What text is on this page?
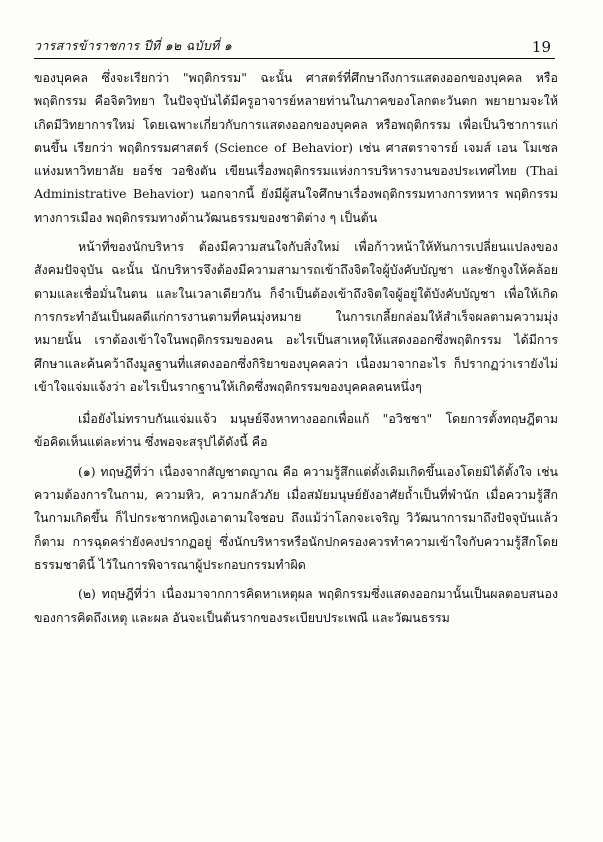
วารสารข้าราชการ ปีที่ ๑๒ ฉบับที่ ๑	19

ของบุคคล ซึ่งจะเรียกว่า "พฤติกรรม" ฉะนั้น ศาสตร์ที่ศึกษาถึงการแสดงออกของบุคคล หรือพฤติกรรม คือจิตวิทยา ในปัจจุบันได้มีครูอาจารย์หลายท่านในภาคของโลกตะวันตก พยายามจะให้เกิดมีวิทยาการใหม่ โดยเฉพาะเกี่ยวกับการแสดงออกของบุคคล หรือพฤติกรรม เพื่อเป็นวิชาการแก่ตนขึ้น เรียกว่า พฤติกรรมศาสตร์ (Science of Behavior) เช่น ศาสตราจารย์ เจมส์ เอน โมเซล แห่งมหาวิทยาลัย ยอร์ช วอชิงตัน เขียนเรื่องพฤติกรรมแห่งการบริหารงานของประเทศไทย (Thai Administrative Behavior) นอกจากนี้ ยังมีผู้สนใจศึกษาเรื่องพฤติกรรมทางการทหาร พฤติกรรมทางการเมือง พฤติกรรมทางด้านวัฒนธรรมของชาติต่าง ๆ เป็นต้น

หน้าที่ของนักบริหาร ต้องมีความสนใจกับสิ่งใหม่ เพื่อก้าวหน้าให้ทันการเปลี่ยนแปลงของสังคมปัจจุบัน ฉะนั้น นักบริหารจึงต้องมีความสามารถเข้าถึงจิตใจผู้บังคับบัญชา และชักจูงให้คล้อยตามและเชื่อมั่นในตน และในเวลาเดียวกัน ก็จำเป็นต้องเข้าถึงจิตใจผู้อยู่ใต้บังคับบัญชา เพื่อให้เกิดการกระทำอันเป็นผลดีแก่การงานตามที่คนมุ่งหมาย ในการเกลี้ยกล่อมให้สำเร็จผลตามความมุ่งหมายนั้น เราต้องเข้าใจในพฤติกรรมของคน อะไรเป็นสาเหตุให้แสดงออกซึ่งพฤติกรรม ได้มีการศึกษาและค้นคว้าถึงมูลฐานที่แสดงออกซึ่งกิริยาของบุคคลว่า เนื่องมาจากอะไร ก็ปรากฏว่าเรายังไม่เข้าใจแจ่มแจ้งว่า อะไรเป็นรากฐานให้เกิดซึ่งพฤติกรรมของบุคคลคนหนึ่งๆ

เมื่อยังไม่ทราบกันแจ่มแจ้ว มนุษย์จึงหาทางออกเพื่อแก้ "อวิชชา" โดยการตั้งทฤษฎีตามข้อคิดเห็นแต่ละท่าน ซึ่งพอจะสรุปได้ดังนี้ คือ

(๑) ทฤษฎีที่ว่า เนื่องจากสัญชาตญาณ คือ ความรู้สึกแต่ดั้งเดิมเกิดขึ้นเองโดยมิได้ตั้งใจ เช่น ความต้องการในกาม, ความหิว, ความกลัวภัย เมื่อสมัยมนุษย์ยังอาศัยถ้ำเป็นที่พำนัก เมื่อความรู้สึกในกามเกิดขึ้น ก็ไปกระชากหญิงเอาตามใจชอบ ถึงแม้ว่าโลกจะเจริญ วิวัฒนาการมาถึงปัจจุบันแล้วก็ตาม การฉุดคร่ายังคงปรากฏอยู่ ซึ่งนักบริหารหรือนักปกครองควรทำความเข้าใจกับความรู้สึกโดยธรรมชาตินี้ ไว้ในการพิจารณาผู้ประกอบกรรมทำผิด

(๒) ทฤษฎีที่ว่า เนื่องมาจากการคิดหาเหตุผล พฤติกรรมซึ่งแสดงออกมานั้นเป็นผลตอบสนองของการคิดถึงเหตุ และผล อันจะเป็นต้นรากของระเบียบประเพณี และวัฒนธรรม
